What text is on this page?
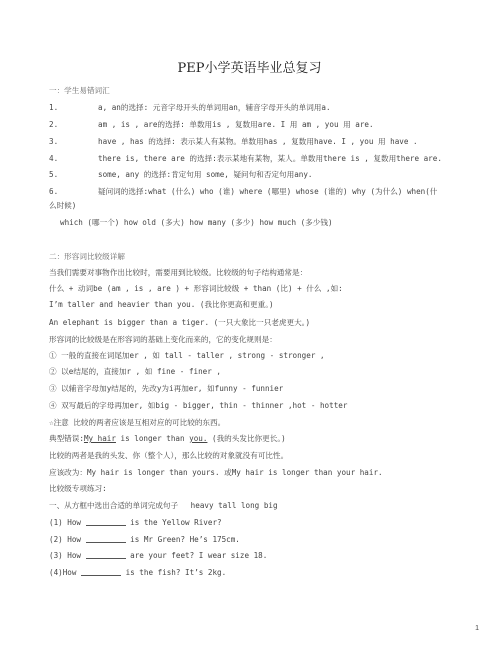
PEP小学英语毕业总复习
一：学生易错词汇
1.	a, an的选择: 元音字母开头的单词用an，辅音字母开头的单词用a.
2.	am , is , are的选择: 单数用is , 复数用are. I 用 am , you 用 are.
3.	have , has 的选择: 表示某人有某物。单数用has , 复数用have. I , you 用 have .
4.	there is, there are 的选择:表示某地有某物，某人。单数用there is , 复数用there are.
5.	some, any 的选择:肯定句用 some, 疑问句和否定句用any.
6.	疑问词的选择:what (什么) who (谁) where (哪里) whose (谁的) why (为什么) when(什
么时候)
which (哪一个) how old (多大) how many (多少) how much (多少钱)
二：形容词比较级详解
当我们需要对事物作出比较时，需要用到比较级。比较级的句子结构通常是：
什么 + 动词be (am , is , are ) + 形容词比较级 + than (比) + 什么 ,如:
I’m taller and heavier than you. (我比你更高和更重。)
An elephant is bigger than a tiger. (一只大象比一只老虎更大。)
形容词的比较级是在形容词的基础上变化而来的，它的变化规则是：
① 一般的直接在词尾加er , 如 tall - taller , strong - stronger ,
② 以e结尾的，直接加r , 如 fine - finer ,
③ 以辅音字母加y结尾的，先改y为i再加er, 如funny - funnier
④ 双写最后的字母再加er, 如big - bigger, thin - thinner ,hot - hotter
☆注意 比较的两者应该是互相对应的可比较的东西。
典型错误:My hair is longer than you. (我的头发比你更长。)
比较的两者是我的头发、你（整个人），那么比较的对象就没有可比性。
应该改为：My hair is longer than yours. 或My hair is longer than your hair.
比较级专项练习:
一、从方框中选出合适的单词完成句子 heavy tall long big
(1) How	is the Yellow River?
(2) How	is Mr Green? He’s 175cm.
(3) How	are your feet? I wear size 18.
(4)How	is the fish? It’s 2kg.
1
